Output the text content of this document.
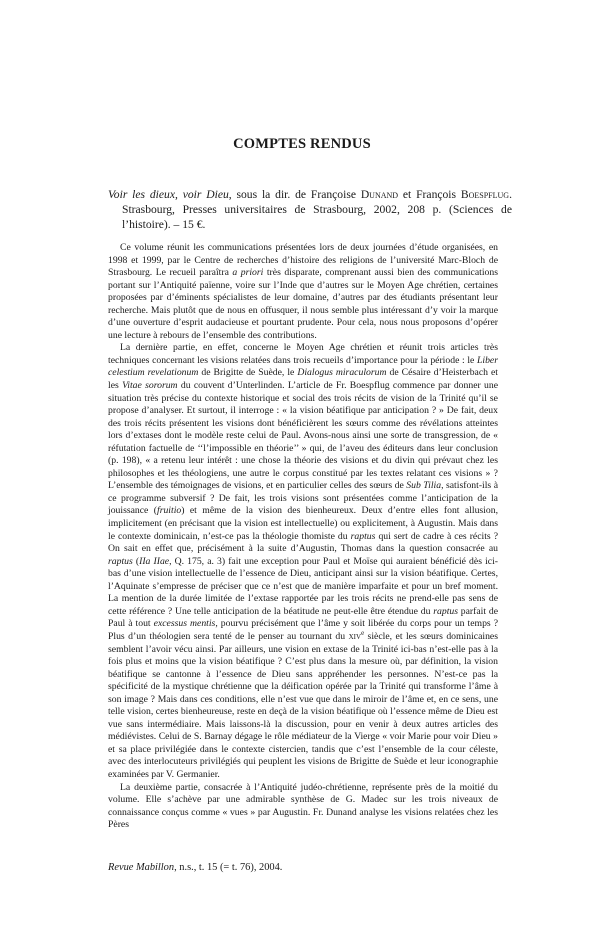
COMPTES RENDUS
Voir les dieux, voir Dieu, sous la dir. de Françoise Dunand et François Boespflug. Strasbourg, Presses universitaires de Strasbourg, 2002, 208 p. (Sciences de l’histoire). – 15 €.

Ce volume réunit les communications présentées lors de deux journées d’étude organisées, en 1998 et 1999, par le Centre de recherches d’histoire des religions de l’université Marc-Bloch de Strasbourg. Le recueil paraîtra a priori très disparate, comprenant aussi bien des communications portant sur l’Antiquité païenne, voire sur l’Inde que d’autres sur le Moyen Age chrétien, certaines proposées par d’éminents spécialistes de leur domaine, d’autres par des étudiants présentant leur recherche. Mais plutôt que de nous en offusquer, il nous semble plus intéressant d’y voir la marque d’une ouverture d’esprit audacieuse et pourtant prudente. Pour cela, nous nous proposons d’opérer une lecture à rebours de l’ensemble des contributions.

La dernière partie, en effet, concerne le Moyen Age chrétien et réunit trois articles très techniques concernant les visions relatées dans trois recueils d’importance pour la période : le Liber celestium revelationum de Brigitte de Suède, le Dialogus miraculorum de Césaire d’Heisterbach et les Vitae sororum du couvent d’Unterlinden. L’article de Fr. Boespflug commence par donner une situation très précise du contexte historique et social des trois récits de vision de la Trinité qu’il se propose d’analyser. Et surtout, il interroge : « la vision béatifique par anticipation ? » De fait, deux des trois récits présentent les visions dont bénéficièrent les sœurs comme des révélations atteintes lors d’extases dont le modèle reste celui de Paul. Avons-nous ainsi une sorte de transgression, de « réfutation factuelle de ‘‘l’impossible en théorie’’ » qui, de l’aveu des éditeurs dans leur conclusion (p. 198), « a retenu leur intérêt : une chose la théorie des visions et du divin qui prévaut chez les philosophes et les théologiens, une autre le corpus constitué par les textes relatant ces visions » ? L’ensemble des témoignages de visions, et en particulier celles des sœurs de Sub Tilia, satisfont-ils à ce programme subversif ? De fait, les trois visions sont présentées comme l’anticipation de la jouissance (fruitio) et même de la vision des bienheureux. Deux d’entre elles font allusion, implicitement (en précisant que la vision est intellectuelle) ou explicitement, à Augustin. Mais dans le contexte dominicain, n’est-ce pas la théologie thomiste du raptus qui sert de cadre à ces récits ? On sait en effet que, précisément à la suite d’Augustin, Thomas dans la question consacrée au raptus (IIa IIae, Q. 175, a. 3) fait une exception pour Paul et Moïse qui auraient bénéficié dès ici-bas d’une vision intellectuelle de l’essence de Dieu, anticipant ainsi sur la vision béatifique. Certes, l’Aquinate s’empresse de préciser que ce n’est que de manière imparfaite et pour un bref moment. La mention de la durée limitée de l’extase rapportée par les trois récits ne prend-elle pas sens de cette référence ? Une telle anticipation de la béatitude ne peut-elle être étendue du raptus parfait de Paul à tout excessus mentis, pourvu précisément que l’âme y soit libérée du corps pour un temps ? Plus d’un théologien sera tenté de le penser au tournant du xiv$^e$ siècle, et les sœurs dominicaines semblent l’avoir vécu ainsi. Par ailleurs, une vision en extase de la Trinité ici-bas n’est-elle pas à la fois plus et moins que la vision béatifique ? C’est plus dans la mesure où, par définition, la vision béatifique se cantonne à l’essence de Dieu sans appréhender les personnes. N’est-ce pas la spécificité de la mystique chrétienne que la déification opérée par la Trinité qui transforme l’âme à son image ? Mais dans ces conditions, elle n’est vue que dans le miroir de l’âme et, en ce sens, une telle vision, certes bienheureuse, reste en deçà de la vision béatifique où l’essence même de Dieu est vue sans intermédiaire. Mais laissons-là la discussion, pour en venir à deux autres articles des médiévistes. Celui de S. Barnay dégage le rôle médiateur de la Vierge « voir Marie pour voir Dieu » et sa place privilégiée dans le contexte cistercien, tandis que c’est l’ensemble de la cour céleste, avec des interlocuteurs privilégiés qui peuplent les visions de Brigitte de Suède et leur iconographie examinées par V. Germanier.

La deuxième partie, consacrée à l’Antiquité judéo-chrétienne, représente près de la moitié du volume. Elle s’achève par une admirable synthèse de G. Madec sur les trois niveaux de connaissance conçus comme « vues » par Augustin. Fr. Dunand analyse les visions relatées chez les Pères

Revue Mabillon, n.s., t. 15 (= t. 76), 2004.
